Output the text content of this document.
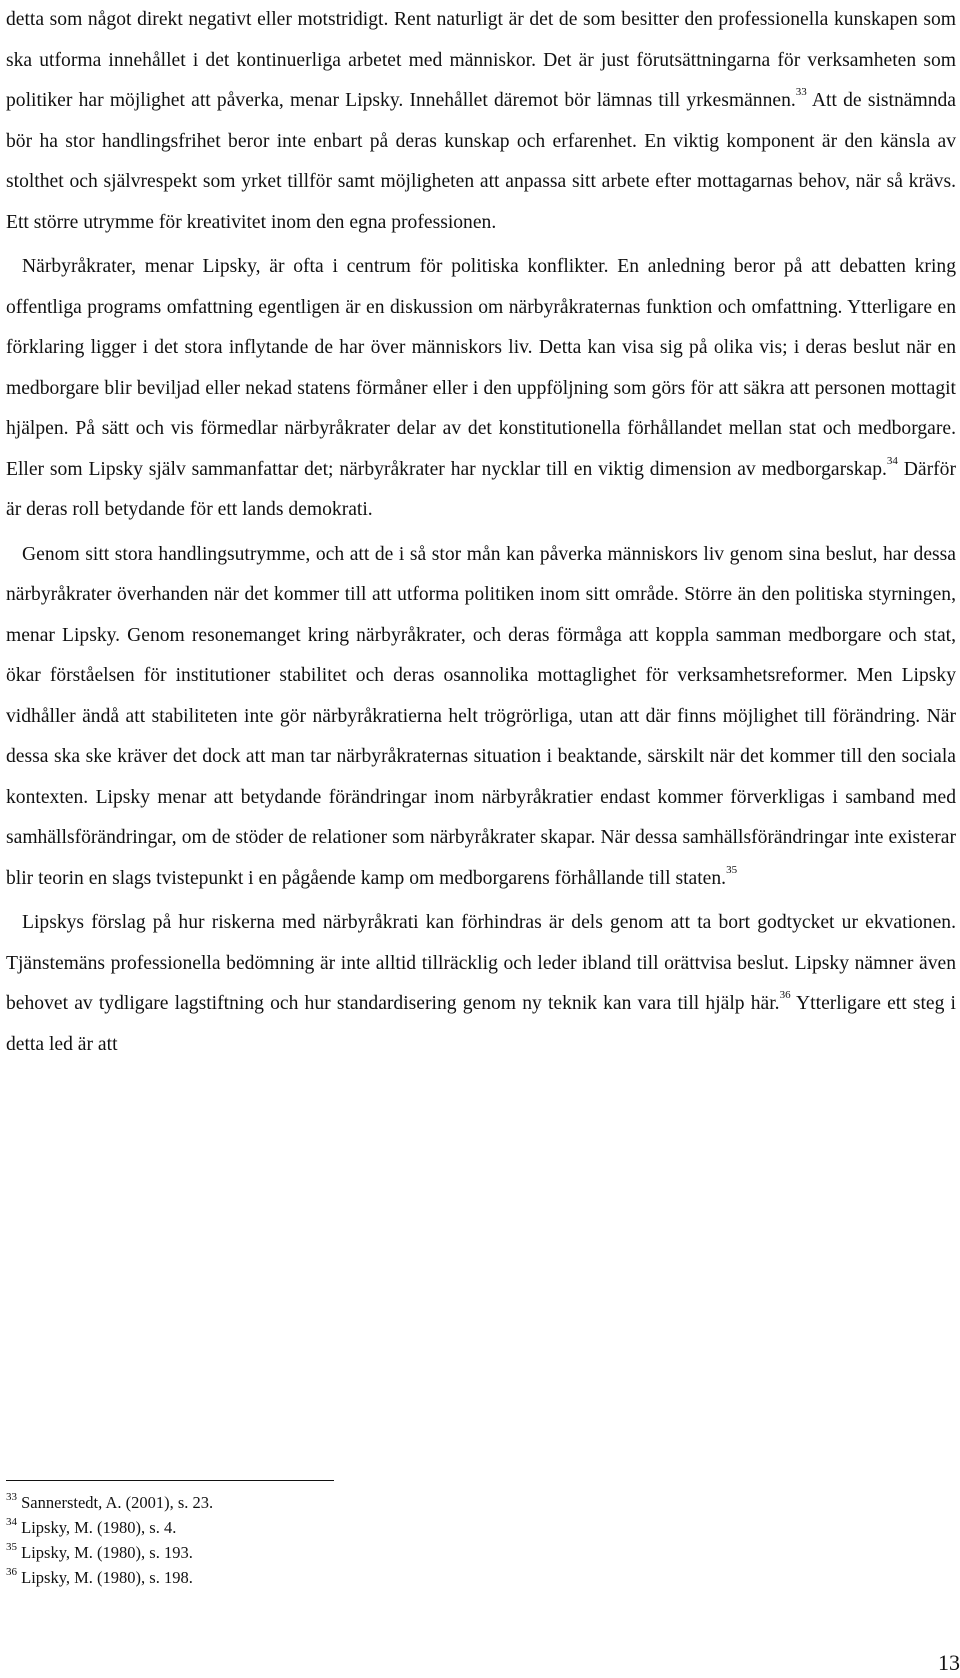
detta som något direkt negativt eller motstridigt. Rent naturligt är det de som besitter den professionella kunskapen som ska utforma innehållet i det kontinuerliga arbetet med människor. Det är just förutsättningarna för verksamheten som politiker har möjlighet att påverka, menar Lipsky. Innehållet däremot bör lämnas till yrkesmännen.$^{33}$ Att de sistnämnda bör ha stor handlingsfrihet beror inte enbart på deras kunskap och erfarenhet. En viktig komponent är den känsla av stolthet och självrespekt som yrket tillför samt möjligheten att anpassa sitt arbete efter mottagarnas behov, när så krävs. Ett större utrymme för kreativitet inom den egna professionen.

Närbyråkrater, menar Lipsky, är ofta i centrum för politiska konflikter. En anledning beror på att debatten kring offentliga programs omfattning egentligen är en diskussion om närbyråkraternas funktion och omfattning. Ytterligare en förklaring ligger i det stora inflytande de har över människors liv. Detta kan visa sig på olika vis; i deras beslut när en medborgare blir beviljad eller nekad statens förmåner eller i den uppföljning som görs för att säkra att personen mottagit hjälpen. På sätt och vis förmedlar närbyråkrater delar av det konstitutionella förhållandet mellan stat och medborgare. Eller som Lipsky själv sammanfattar det; närbyråkrater har nycklar till en viktig dimension av medborgarskap.$^{34}$ Därför är deras roll betydande för ett lands demokrati.

Genom sitt stora handlingsutrymme, och att de i så stor mån kan påverka människors liv genom sina beslut, har dessa närbyråkrater överhanden när det kommer till att utforma politiken inom sitt område. Större än den politiska styrningen, menar Lipsky. Genom resonemanget kring närbyråkrater, och deras förmåga att koppla samman medborgare och stat, ökar förståelsen för institutioner stabilitet och deras osannolika mottaglighet för verksamhetsreformer. Men Lipsky vidhåller ändå att stabiliteten inte gör närbyråkratierna helt trögrörliga, utan att där finns möjlighet till förändring. När dessa ska ske kräver det dock att man tar närbyråkraternas situation i beaktande, särskilt när det kommer till den sociala kontexten. Lipsky menar att betydande förändringar inom närbyråkratier endast kommer förverkligas i samband med samhällsförändringar, om de stöder de relationer som närbyråkrater skapar. När dessa samhällsförändringar inte existerar blir teorin en slags tvistepunkt i en pågående kamp om medborgarens förhållande till staten.$^{35}$

Lipskys förslag på hur riskerna med närbyråkrati kan förhindras är dels genom att ta bort godtycket ur ekvationen. Tjänstemäns professionella bedömning är inte alltid tillräcklig och leder ibland till orättvisa beslut. Lipsky nämner även behovet av tydligare lagstiftning och hur standardisering genom ny teknik kan vara till hjälp här.$^{36}$ Ytterligare ett steg i detta led är att

$^{33}$ Sannerstedt, A. (2001), s. 23.

$^{34}$ Lipsky, M. (1980), s. 4.

$^{35}$ Lipsky, M. (1980), s. 193.

$^{36}$ Lipsky, M. (1980), s. 198.

13
